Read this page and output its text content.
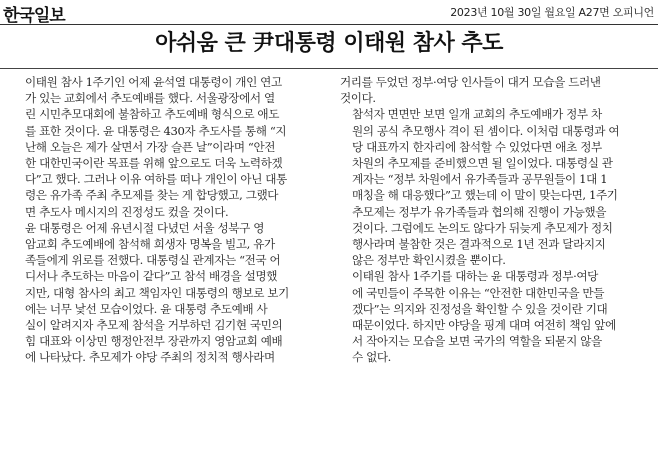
한국일보	2023년 10월 30일 월요일 A27면 오피니언
아쉬움 큰 尹대통령 이태원 참사 추도

이태원 참사 1주기인 어제 윤석열 대통령이 개인 연고
가 있는 교회에서 추도예배를 했다. 서울광장에서 열
린 시민추모대회에 불참하고 추도예배 형식으로 애도
를 표한 것이다. 윤 대통령은 430자 추도사를 통해 “지
난해 오늘은 제가 살면서 가장 슬픈 날”이라며 “안전
한 대한민국이란 목표를 위해 앞으로도 더욱 노력하겠
다”고 했다. 그러나 이유 여하를 떠나 개인이 아닌 대통
령은 유가족 주최 추모제를 찾는 게 합당했고, 그랬다
면 추도사 메시지의 진정성도 컸을 것이다.

윤 대통령은 어제 유년시절 다녔던 서울 성북구 영
암교회 추도예배에 참석해 희생자 명복을 빌고, 유가
족들에게 위로를 전했다. 대통령실 관계자는 “전국 어
디서나 추도하는 마음이 같다”고 참석 배경을 설명했
지만, 대형 참사의 최고 책임자인 대통령의 행보로 보기
에는 너무 낯선 모습이었다. 윤 대통령 추도예배 사
실이 알려지자 추모제 참석을 거부하던 김기현 국민의
힘 대표와 이상민 행정안전부 장관까지 영암교회 예배
에 나타났다. 추모제가 야당 주최의 정치적 행사라며

거리를 두었던 정부·여당 인사들이 대거 모습을 드러낸
것이다.

참석자 면면만 보면 일개 교회의 추도예배가 정부 차
원의 공식 추모행사 격이 된 셈이다. 이처럼 대통령과 여
당 대표까지 한자리에 참석할 수 있었다면 애초 정부
차원의 추모제를 준비했으면 될 일이었다. 대통령실 관
계자는 “정부 차원에서 유가족들과 공무원들이 1대 1
매칭을 해 대응했다”고 했는데 이 말이 맞는다면, 1주기
추모제는 정부가 유가족들과 협의해 진행이 가능했을
것이다. 그럼에도 논의도 않다가 뒤늦게 추모제가 정치
행사라며 불참한 것은 결과적으로 1년 전과 달라지지
않은 정부만 확인시켰을 뿐이다.

이태원 참사 1주기를 대하는 윤 대통령과 정부·여당
에 국민들이 주목한 이유는 “안전한 대한민국을 만들
겠다”는 의지와 진정성을 확인할 수 있을 것이란 기대
때문이었다. 하지만 야당을 핑계 대며 여전히 책임 앞에
서 작아지는 모습을 보면 국가의 역할을 되묻지 않을
수 없다.
